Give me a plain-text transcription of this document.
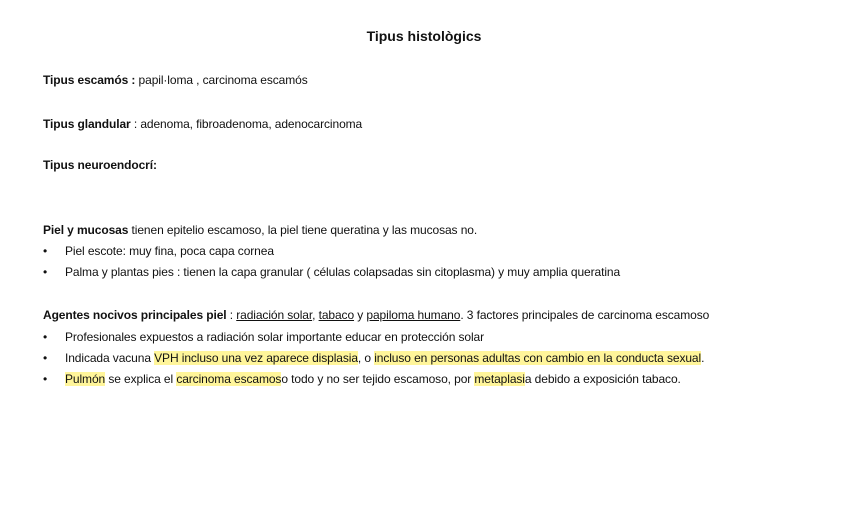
Tipus histològics
Tipus escamós : papil·loma , carcinoma escamós
Tipus glandular : adenoma, fibroadenoma, adenocarcinoma
Tipus neuroendocrí:
Piel y mucosas tienen epitelio escamoso, la piel tiene queratina y las mucosas no.
• Piel escote: muy fina, poca capa cornea
• Palma y plantas pies : tienen la capa granular ( células colapsadas sin citoplasma) y muy amplia queratina
Agentes nocivos principales piel : radiación solar, tabaco y papiloma humano. 3 factores principales de carcinoma escamoso
• Profesionales expuestos a radiación solar importante educar en protección solar
• Indicada vacuna VPH incluso una vez aparece displasia, o incluso en personas adultas con cambio en la conducta sexual.
• Pulmón se explica el carcinoma escamoso todo y no ser tejido escamoso, por metaplasia debido a exposición tabaco.
